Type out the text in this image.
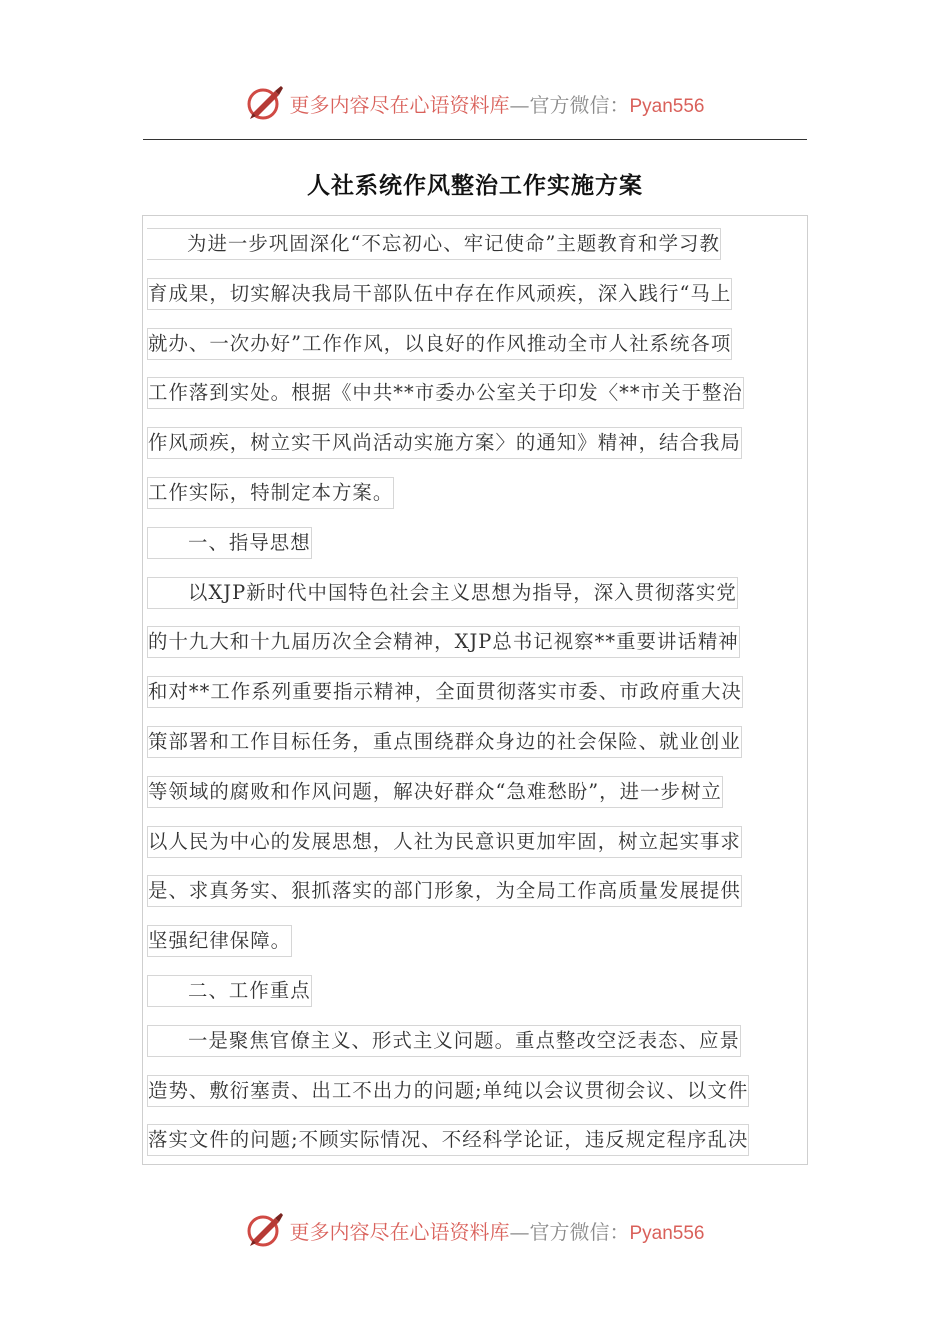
更多内容尽在心语资料库—官方微信：Pyan556
人社系统作风整治工作实施方案
为进一步巩固深化“不忘初心、牢记使命”主题教育和学习教
育成果，切实解决我局干部队伍中存在作风顽疾，深入践行“马上
就办、一次办好”工作作风，以良好的作风推动全市人社系统各项
工作落到实处。根据《中共**市委办公室关于印发〈**市关于整治
作风顽疾，树立实干风尚活动实施方案〉的通知》精神，结合我局
工作实际，特制定本方案。
一、指导思想
以XJP新时代中国特色社会主义思想为指导，深入贯彻落实党
的十九大和十九届历次全会精神，XJP总书记视察**重要讲话精神
和对**工作系列重要指示精神，全面贯彻落实市委、市政府重大决
策部署和工作目标任务，重点围绕群众身边的社会保险、就业创业
等领域的腐败和作风问题，解决好群众“急难愁盼”，进一步树立
以人民为中心的发展思想，人社为民意识更加牢固，树立起实事求
是、求真务实、狠抓落实的部门形象，为全局工作高质量发展提供
坚强纪律保障。
二、工作重点
一是聚焦官僚主义、形式主义问题。重点整改空泛表态、应景
造势、敷衍塞责、出工不出力的问题;单纯以会议贯彻会议、以文件
落实文件的问题;不顾实际情况、不经科学论证，违反规定程序乱决
更多内容尽在心语资料库—官方微信：Pyan556
